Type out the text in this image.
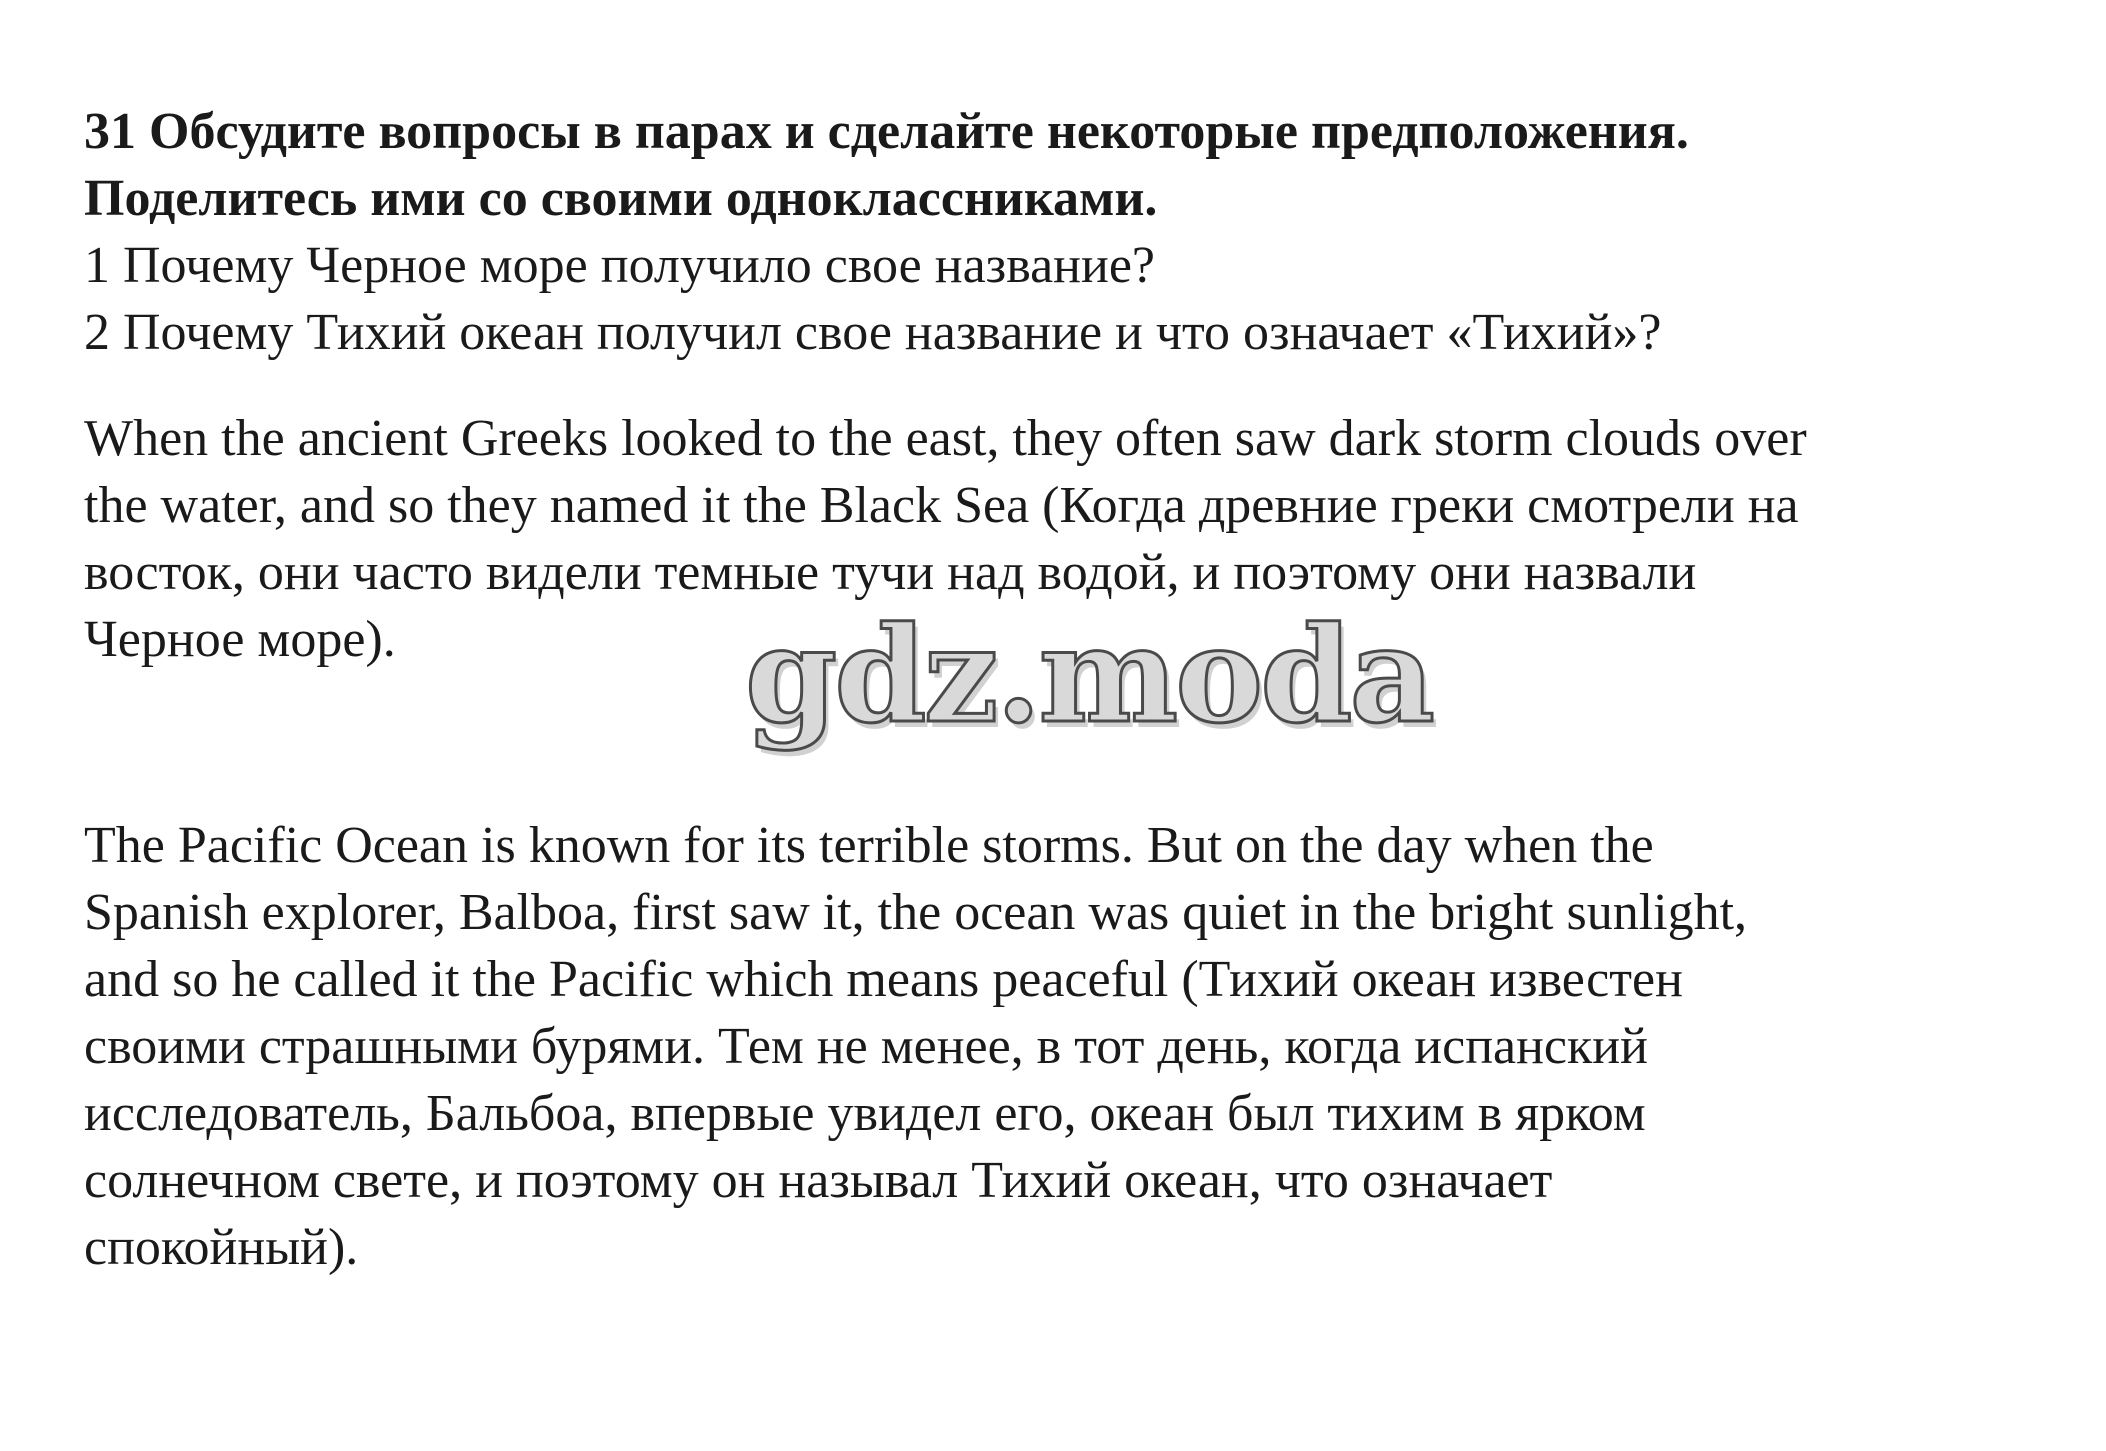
31 Обсудите вопросы в парах и сделайте некоторые предположения.
Поделитесь ими со своими одноклассниками.
1 Почему Черное море получило свое название?
2 Почему Тихий океан получил свое название и что означает «Тихий»?
When the ancient Greeks looked to the east, they often saw dark storm clouds over
the water, and so they named it the Black Sea (Когда древние греки смотрели на
восток, они часто видели темные тучи над водой, и поэтому они назвали
Черное море).	gdz.moda
The Pacific Ocean is known for its terrible storms. But on the day when the
Spanish explorer, Balboa, first saw it, the ocean was quiet in the bright sunlight,
and so he called it the Pacific which means peaceful (Тихий океан известен
своими страшными бурями. Тем не менее, в тот день, когда испанский
исследователь, Бальбоа, впервые увидел его, океан был тихим в ярком
солнечном свете, и поэтому он называл Тихий океан, что означает
спокойный).
